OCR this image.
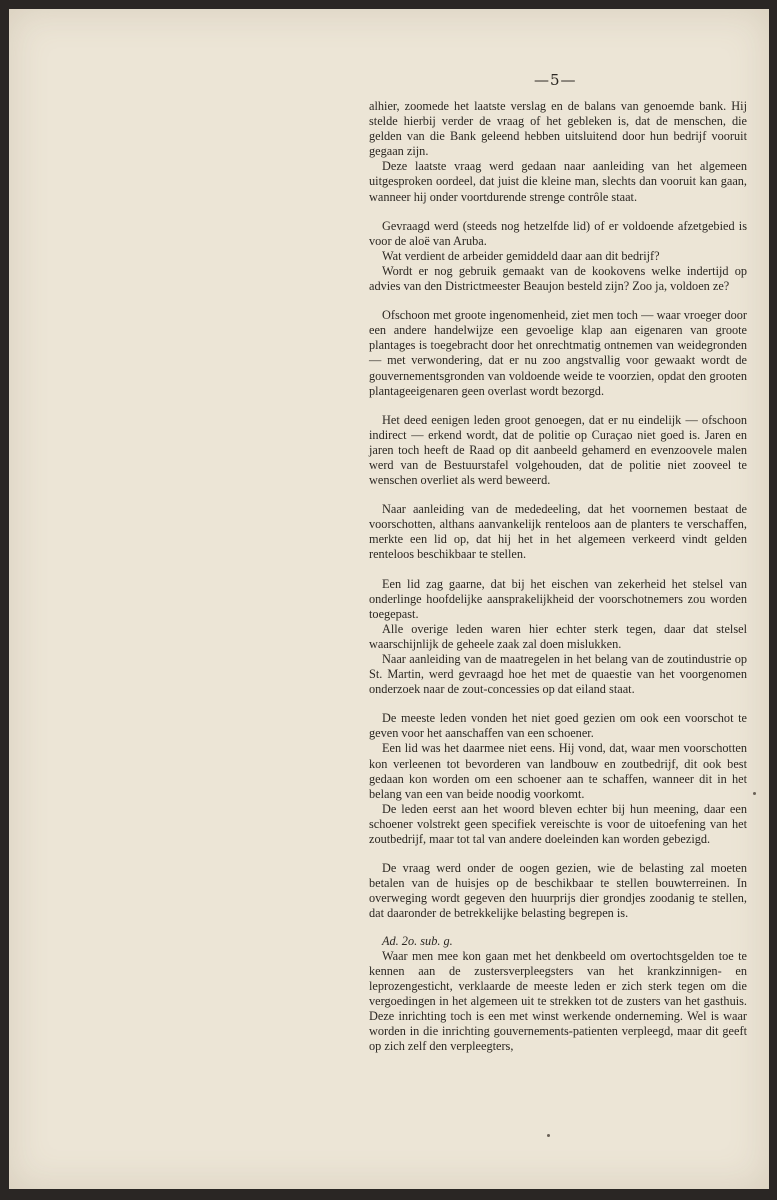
—5—

alhier, zoomede het laatste verslag en de balans van genoemde bank. Hij stelde hierbij verder de vraag of het gebleken is, dat de menschen, die gelden van die Bank geleend hebben uitsluitend door hun bedrijf vooruit gegaan zijn.

Deze laatste vraag werd gedaan naar aanleiding van het algemeen uitgesproken oordeel, dat juist die kleine man, slechts dan vooruit kan gaan, wanneer hij onder voortdurende strenge contrôle staat.

Gevraagd werd (steeds nog hetzelfde lid) of er voldoende afzetgebied is voor de aloë van Aruba.

Wat verdient de arbeider gemiddeld daar aan dit bedrijf?

Wordt er nog gebruik gemaakt van de kookovens welke indertijd op advies van den Districtmeester Beaujon besteld zijn? Zoo ja, voldoen ze?

Ofschoon met groote ingenomenheid, ziet men toch — waar vroeger door een andere handelwijze een gevoelige klap aan eigenaren van groote plantages is toegebracht door het onrechtmatig ontnemen van weidegronden — met verwondering, dat er nu zoo angstvallig voor gewaakt wordt de gouvernementsgronden van voldoende weide te voorzien, opdat den grooten plantageeigenaren geen overlast wordt bezorgd.

Het deed eenigen leden groot genoegen, dat er nu eindelijk — ofschoon indirect — erkend wordt, dat de politie op Curaçao niet goed is. Jaren en jaren toch heeft de Raad op dit aanbeeld gehamerd en evenzoovele malen werd van de Bestuurstafel volgehouden, dat de politie niet zooveel te wenschen overliet als werd beweerd.

Naar aanleiding van de mededeeling, dat het voornemen bestaat de voorschotten, althans aanvankelijk renteloos aan de planters te verschaffen, merkte een lid op, dat hij het in het algemeen verkeerd vindt gelden renteloos beschikbaar te stellen.

Een lid zag gaarne, dat bij het eischen van zekerheid het stelsel van onderlinge hoofdelijke aansprakelijkheid der voorschotnemers zou worden toegepast.

Alle overige leden waren hier echter sterk tegen, daar dat stelsel waarschijnlijk de geheele zaak zal doen mislukken.

Naar aanleiding van de maatregelen in het belang van de zoutindustrie op St. Martin, werd gevraagd hoe het met de quaestie van het voorgenomen onderzoek naar de zout-concessies op dat eiland staat.

De meeste leden vonden het niet goed gezien om ook een voorschot te geven voor het aanschaffen van een schoener.

Een lid was het daarmee niet eens. Hij vond, dat, waar men voorschotten kon verleenen tot bevorderen van landbouw en zoutbedrijf, dit ook best gedaan kon worden om een schoener aan te schaffen, wanneer dit in het belang van een van beide noodig voorkomt.

De leden eerst aan het woord bleven echter bij hun meening, daar een schoener volstrekt geen specifiek vereischte is voor de uitoefening van het zoutbedrijf, maar tot tal van andere doeleinden kan worden gebezigd.

De vraag werd onder de oogen gezien, wie de belasting zal moeten betalen van de huisjes op de beschikbaar te stellen bouwterreinen. In overweging wordt gegeven den huurprijs dier grondjes zoodanig te stellen, dat daaronder de betrekkelijke belasting begrepen is.

Ad. 2o. sub. g.

Waar men mee kon gaan met het denkbeeld om overtochtsgelden toe te kennen aan de zustersverpleegsters van het krankzinnigen- en leprozengesticht, verklaarde de meeste leden er zich sterk tegen om die vergoedingen in het algemeen uit te strekken tot de zusters van het gasthuis. Deze inrichting toch is een met winst werkende onderneming. Wel is waar worden in die inrichting gouvernements-patienten verpleegd, maar dit geeft op zich zelf den verpleegters,
